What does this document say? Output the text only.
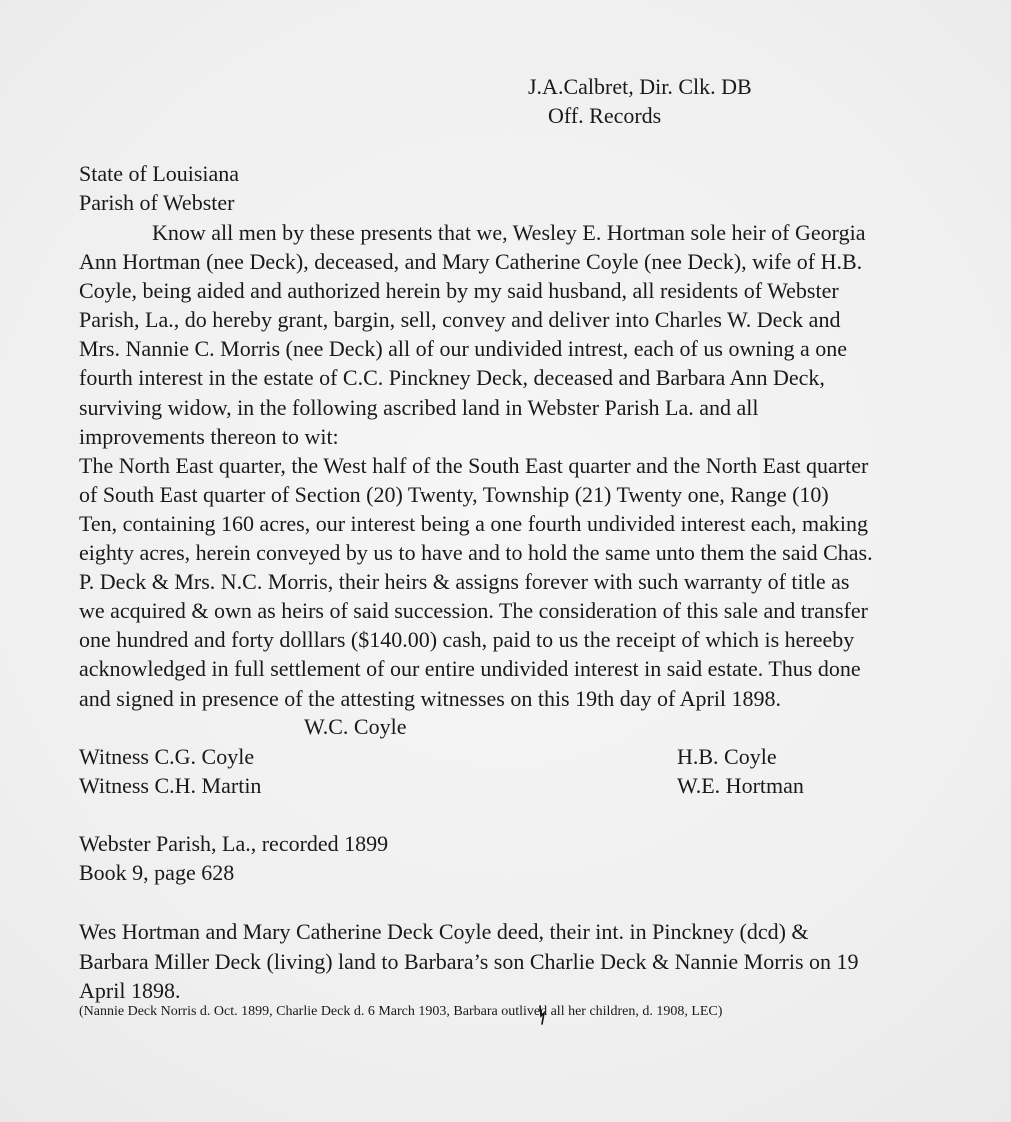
J.A.Calbret, Dir. Clk. DB
Off. Records
State of Louisiana
Parish of Webster
Know all men by these presents that we, Wesley E. Hortman sole heir of Georgia
Ann Hortman (nee Deck), deceased, and Mary Catherine Coyle (nee Deck), wife of H.B.
Coyle, being aided and authorized herein by my said husband, all residents of Webster
Parish, La., do hereby grant, bargin, sell, convey and deliver into Charles W. Deck and
Mrs. Nannie C. Morris (nee Deck) all of our undivided intrest, each of us owning a one
fourth interest in the estate of C.C. Pinckney Deck, deceased and Barbara Ann Deck,
surviving widow, in the following ascribed land in Webster Parish La. and all
improvements thereon to wit:
The North East quarter, the West half of the South East quarter and the North East quarter
of South East quarter of Section (20) Twenty, Township (21) Twenty one, Range (10)
Ten, containing 160 acres, our interest being a one fourth undivided interest each, making
eighty acres, herein conveyed by us to have and to hold the same unto them the said Chas.
P. Deck & Mrs. N.C. Morris, their heirs & assigns forever with such warranty of title as
we acquired & own as heirs of said succession. The consideration of this sale and transfer
one hundred and forty dolllars ($140.00) cash, paid to us the receipt of which is hereeby
acknowledged in full settlement of our entire undivided interest in said estate. Thus done
and signed in presence of the attesting witnesses on this 19th day of April 1898.
W.C. Coyle
Witness C.G. Coyle
Witness C.H. Martin
H.B. Coyle
W.E. Hortman
Webster Parish, La., recorded 1899
Book 9, page 628
Wes Hortman and Mary Catherine Deck Coyle deed, their int. in Pinckney (dcd) &
Barbara Miller Deck (living) land to Barbara’s son Charlie Deck & Nannie Morris on 19
April 1898.
(Nannie Deck Norris d. Oct. 1899, Charlie Deck d. 6 March 1903, Barbara outlived all her children, d. 1908, LEC)
